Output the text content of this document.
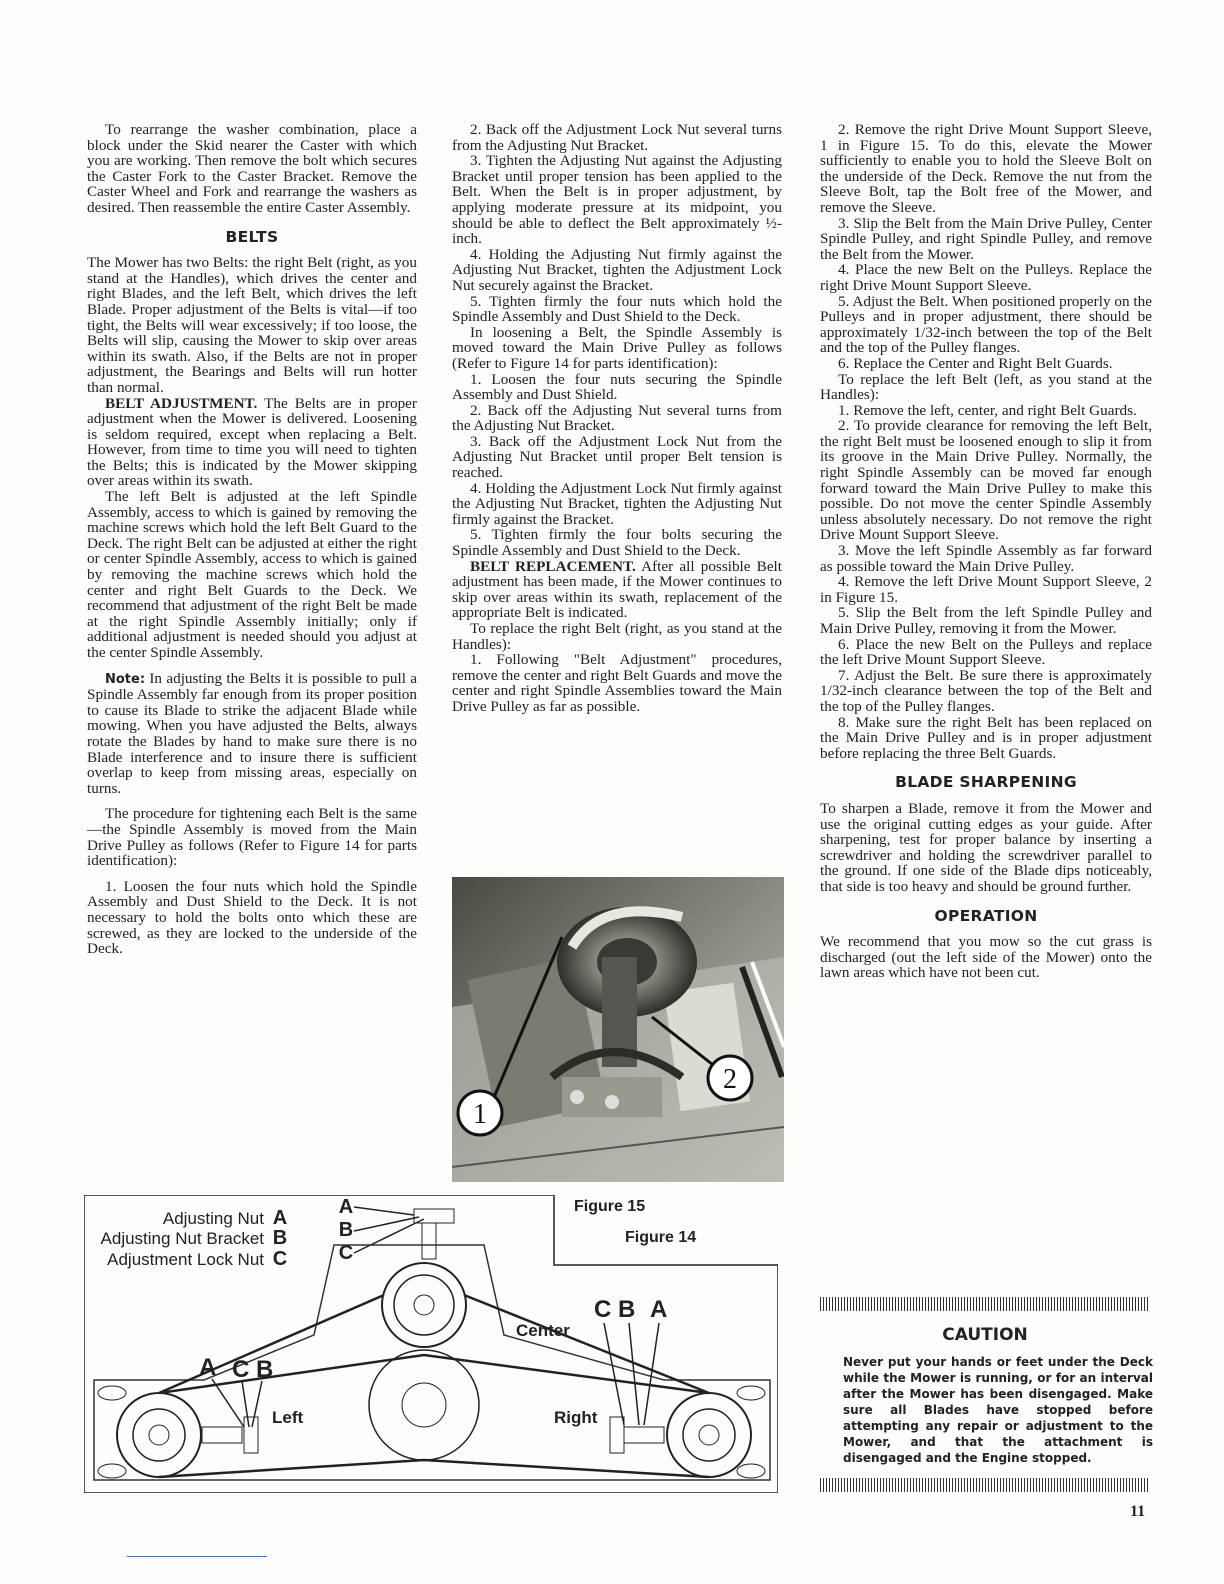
To rearrange the washer combination, place a block under the Skid nearer the Caster with which you are working. Then remove the bolt which secures the Caster Fork to the Caster Bracket. Remove the Caster Wheel and Fork and rearrange the washers as desired. Then reassemble the entire Caster Assembly.

BELTS

The Mower has two Belts: the right Belt (right, as you stand at the Handles), which drives the center and right Blades, and the left Belt, which drives the left Blade. Proper adjustment of the Belts is vital—if too tight, the Belts will wear excessively; if too loose, the Belts will slip, causing the Mower to skip over areas within its swath. Also, if the Belts are not in proper adjustment, the Bearings and Belts will run hotter than normal.

BELT ADJUSTMENT. The Belts are in proper adjustment when the Mower is delivered. Loosening is seldom required, except when replacing a Belt. However, from time to time you will need to tighten the Belts; this is indicated by the Mower skipping over areas within its swath.

The left Belt is adjusted at the left Spindle Assembly, access to which is gained by removing the machine screws which hold the left Belt Guard to the Deck. The right Belt can be adjusted at either the right or center Spindle Assembly, access to which is gained by removing the machine screws which hold the center and right Belt Guards to the Deck. We recommend that adjustment of the right Belt be made at the right Spindle Assembly initially; only if additional adjustment is needed should you adjust at the center Spindle Assembly.

Note: In adjusting the Belts it is possible to pull a Spindle Assembly far enough from its proper position to cause its Blade to strike the adjacent Blade while mowing. When you have adjusted the Belts, always rotate the Blades by hand to make sure there is no Blade interference and to insure there is sufficient overlap to keep from missing areas, especially on turns.

The procedure for tightening each Belt is the same—the Spindle Assembly is moved from the Main Drive Pulley as follows (Refer to Figure 14 for parts identification):

1. Loosen the four nuts which hold the Spindle Assembly and Dust Shield to the Deck. It is not necessary to hold the bolts onto which these are screwed, as they are locked to the underside of the Deck.

2. Back off the Adjustment Lock Nut several turns from the Adjusting Nut Bracket.

3. Tighten the Adjusting Nut against the Adjusting Bracket until proper tension has been applied to the Belt. When the Belt is in proper adjustment, by applying moderate pressure at its midpoint, you should be able to deflect the Belt approximately ½-inch.

4. Holding the Adjusting Nut firmly against the Adjusting Nut Bracket, tighten the Adjustment Lock Nut securely against the Bracket.

5. Tighten firmly the four nuts which hold the Spindle Assembly and Dust Shield to the Deck.

In loosening a Belt, the Spindle Assembly is moved toward the Main Drive Pulley as follows (Refer to Figure 14 for parts identification):

1. Loosen the four nuts securing the Spindle Assembly and Dust Shield.

2. Back off the Adjusting Nut several turns from the Adjusting Nut Bracket.

3. Back off the Adjustment Lock Nut from the Adjusting Nut Bracket until proper Belt tension is reached.

4. Holding the Adjustment Lock Nut firmly against the Adjusting Nut Bracket, tighten the Adjusting Nut firmly against the Bracket.

5. Tighten firmly the four bolts securing the Spindle Assembly and Dust Shield to the Deck.

BELT REPLACEMENT. After all possible Belt adjustment has been made, if the Mower continues to skip over areas within its swath, replacement of the appropriate Belt is indicated.

To replace the right Belt (right, as you stand at the Handles):

1. Following "Belt Adjustment" procedures, remove the center and right Belt Guards and move the center and right Spindle Assemblies toward the Main Drive Pulley as far as possible.

1
2

2. Remove the right Drive Mount Support Sleeve, 1 in Figure 15. To do this, elevate the Mower sufficiently to enable you to hold the Sleeve Bolt on the underside of the Deck. Remove the nut from the Sleeve Bolt, tap the Bolt free of the Mower, and remove the Sleeve.

3. Slip the Belt from the Main Drive Pulley, Center Spindle Pulley, and right Spindle Pulley, and remove the Belt from the Mower.

4. Place the new Belt on the Pulleys. Replace the right Drive Mount Support Sleeve.

5. Adjust the Belt. When positioned properly on the Pulleys and in proper adjustment, there should be approximately 1/32-inch between the top of the Belt and the top of the Pulley flanges.

6. Replace the Center and Right Belt Guards.

To replace the left Belt (left, as you stand at the Handles):

1. Remove the left, center, and right Belt Guards.

2. To provide clearance for removing the left Belt, the right Belt must be loosened enough to slip it from its groove in the Main Drive Pulley. Normally, the right Spindle Assembly can be moved far enough forward toward the Main Drive Pulley to make this possible. Do not move the center Spindle Assembly unless absolutely necessary. Do not remove the right Drive Mount Support Sleeve.

3. Move the left Spindle Assembly as far forward as possible toward the Main Drive Pulley.

4. Remove the left Drive Mount Support Sleeve, 2 in Figure 15.

5. Slip the Belt from the left Spindle Pulley and Main Drive Pulley, removing it from the Mower.

6. Place the new Belt on the Pulleys and replace the left Drive Mount Support Sleeve.

7. Adjust the Belt. Be sure there is approximately 1/32-inch clearance between the top of the Belt and the top of the Pulley flanges.

8. Make sure the right Belt has been replaced on the Main Drive Pulley and is in proper adjustment before replacing the three Belt Guards.

BLADE SHARPENING

To sharpen a Blade, remove it from the Mower and use the original cutting edges as your guide. After sharpening, test for proper balance by inserting a screwdriver and holding the screwdriver parallel to the ground. If one side of the Blade dips noticeably, that side is too heavy and should be ground further.

OPERATION

We recommend that you mow so the cut grass is discharged (out the left side of the Mower) onto the lawn areas which have not been cut.

CAUTION
Never put your hands or feet under the Deck while the Mower is running, or for an interval after the Mower has been disengaged. Make sure all Blades have stopped before attempting any repair or adjustment to the Mower, and that the attachment is disengaged and the Engine stopped.
Adjusting Nut A
Adjusting Nut Bracket B
Adjustment Lock Nut C
A
B
C
Figure 15
Figure 14
Center
Left	Right
C B A
A C B
11
